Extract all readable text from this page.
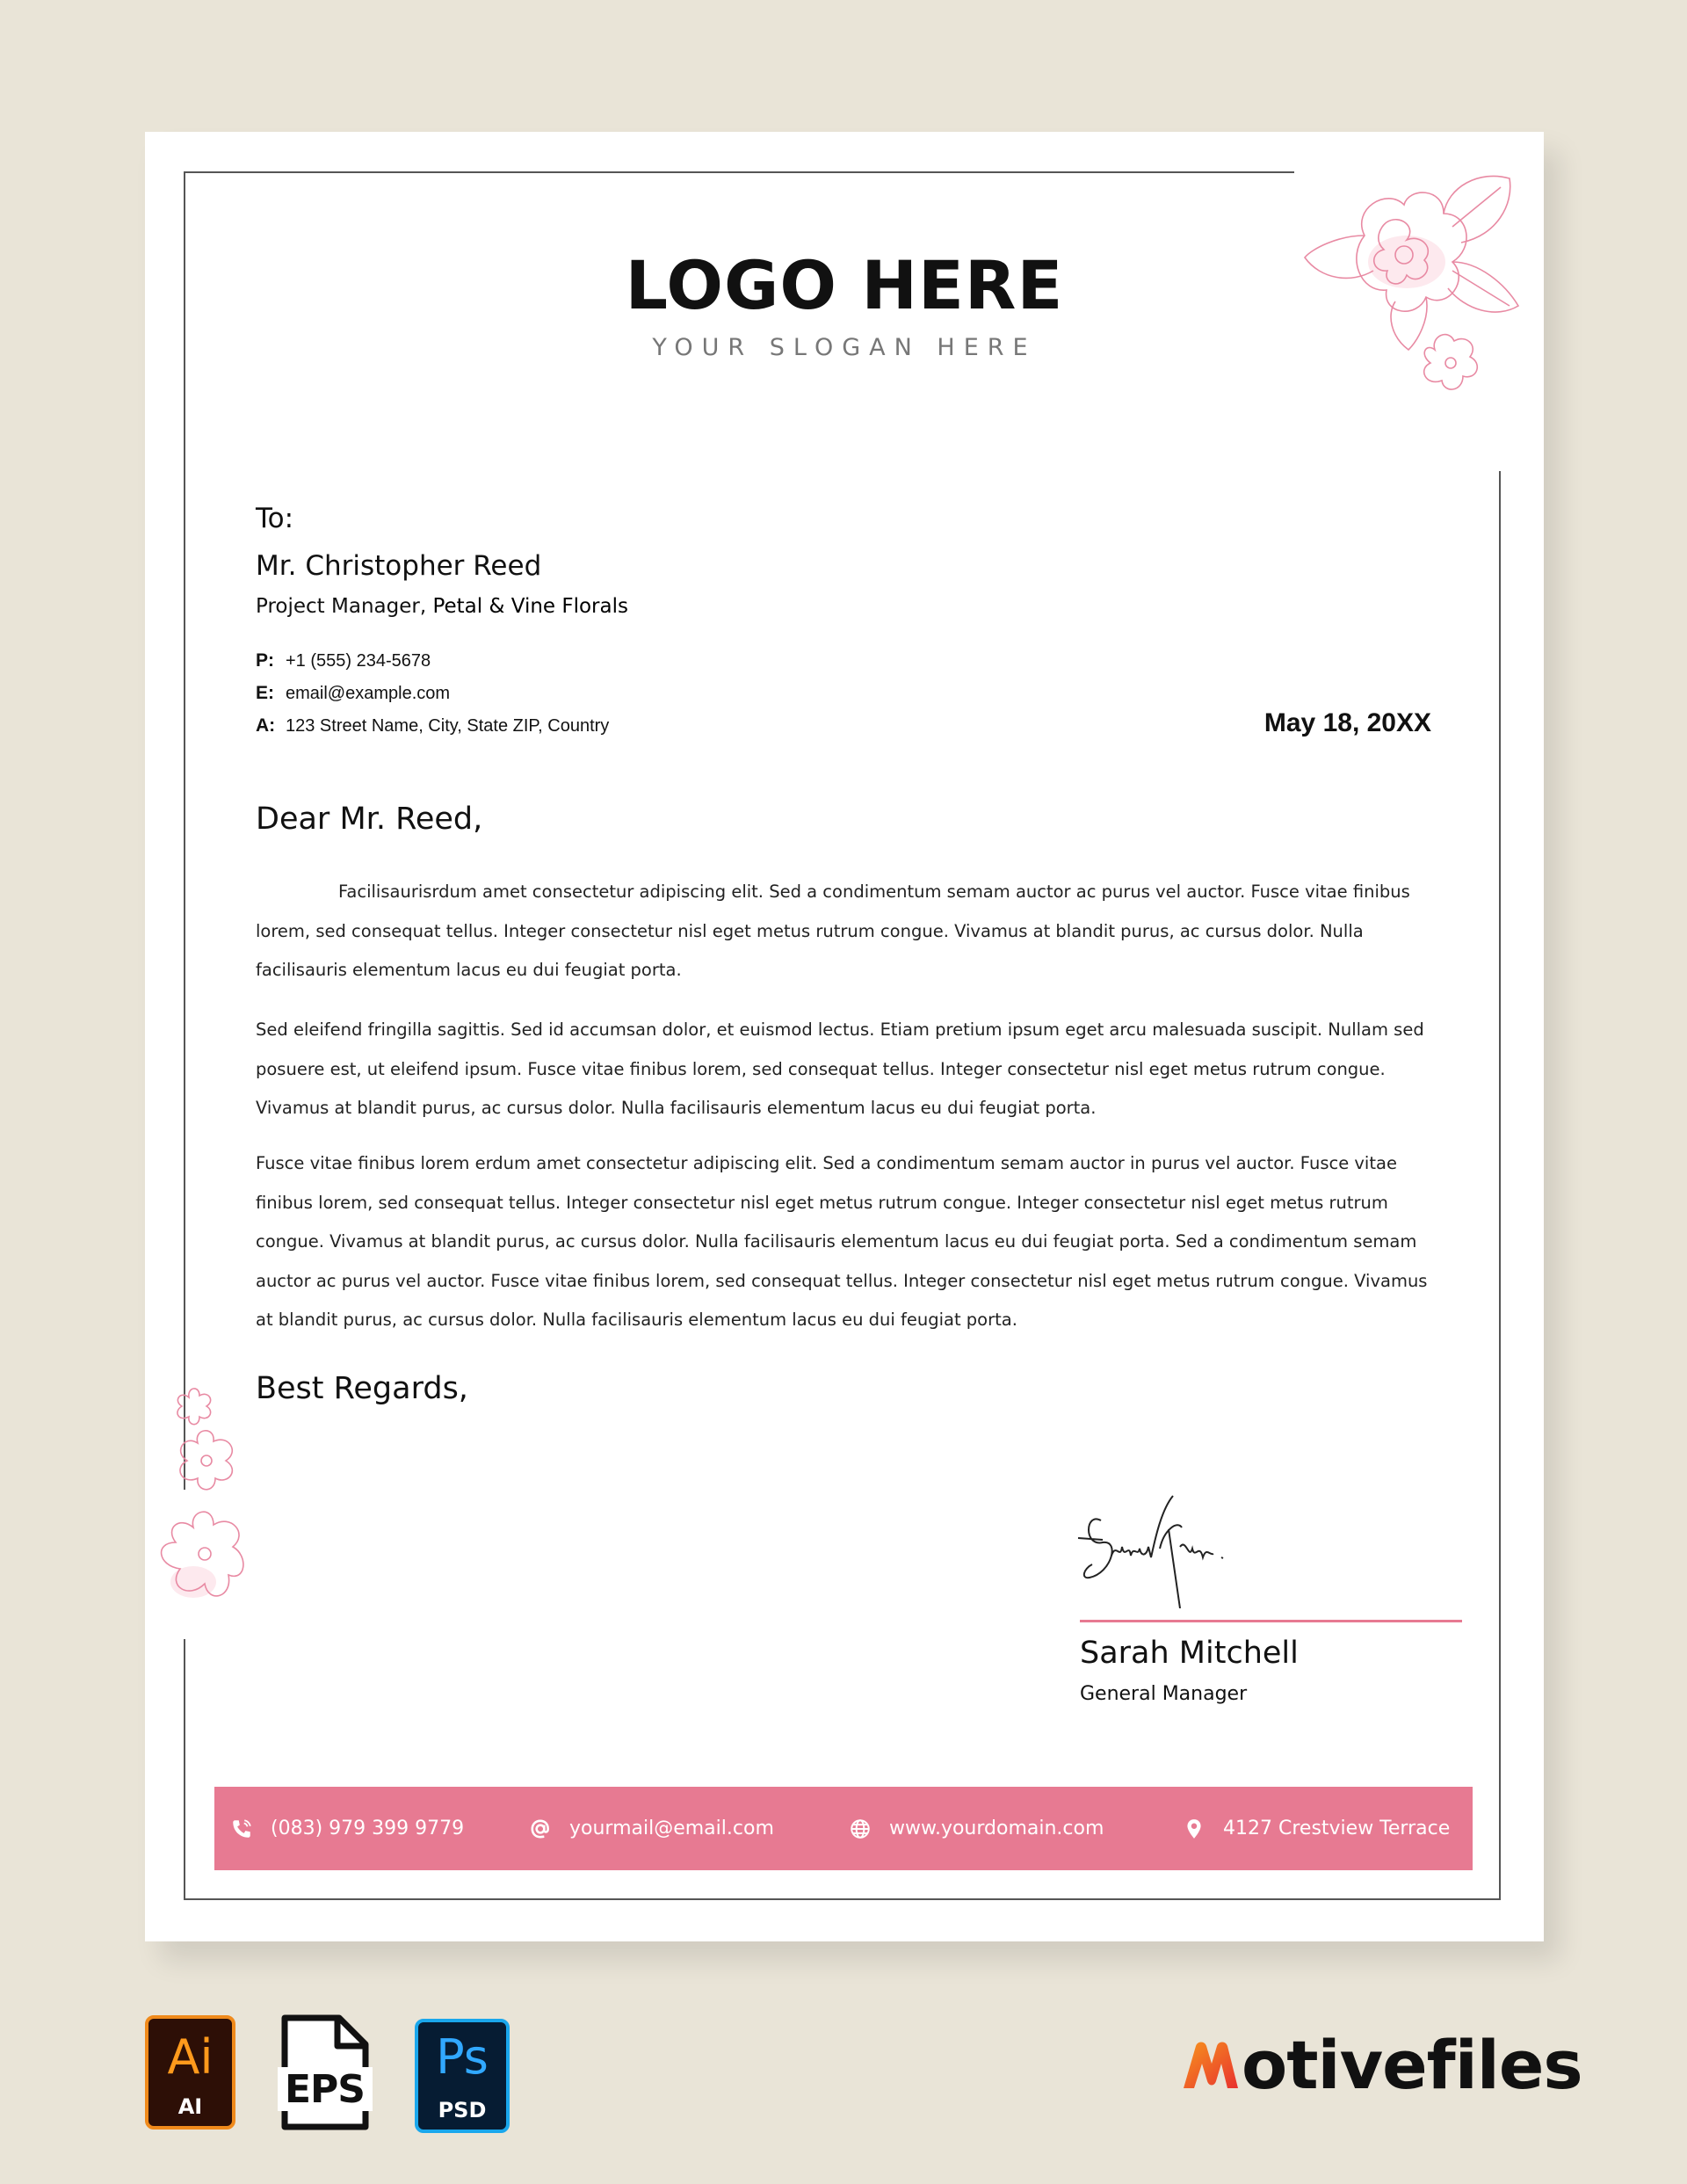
LOGO HERE
YOUR SLOGAN HERE
To:
Mr. Christopher Reed
Project Manager, Petal & Vine Florals
P: +1 (555) 234-5678
E: email@example.com
A: 123 Street Name, City, State ZIP, Country	May 18, 20XX
Dear Mr. Reed,
Facilisaurisrdum amet consectetur adipiscing elit. Sed a condimentum semam auctor ac purus vel auctor. Fusce vitae finibus lorem, sed consequat tellus. Integer consectetur nisl eget metus rutrum congue. Vivamus at blandit purus, ac cursus dolor. Nulla facilisauris elementum lacus eu dui feugiat porta.
Sed eleifend fringilla sagittis. Sed id accumsan dolor, et euismod lectus. Etiam pretium ipsum eget arcu malesuada suscipit. Nullam sed posuere est, ut eleifend ipsum. Fusce vitae finibus lorem, sed consequat tellus. Integer consectetur nisl eget metus rutrum congue. Vivamus at blandit purus, ac cursus dolor. Nulla facilisauris elementum lacus eu dui feugiat porta.
Fusce vitae finibus lorem erdum amet consectetur adipiscing elit. Sed a condimentum semam auctor in purus vel auctor. Fusce vitae finibus lorem, sed consequat tellus. Integer consectetur nisl eget metus rutrum congue. Integer consectetur nisl eget metus rutrum congue. Vivamus at blandit purus, ac cursus dolor. Nulla facilisauris elementum lacus eu dui feugiat porta. Sed a condimentum semam auctor ac purus vel auctor. Fusce vitae finibus lorem, sed consequat tellus. Integer consectetur nisl eget metus rutrum congue. Vivamus at blandit purus, ac cursus dolor. Nulla facilisauris elementum lacus eu dui feugiat porta.
Best Regards,
Sarah Mitchell
General Manager
(083) 979 399 9779	yourmail@email.com	www.yourdomain.com	4127 Crestview Terrace
Ai
AI	EPS
Ps
PSD
otivefiles
